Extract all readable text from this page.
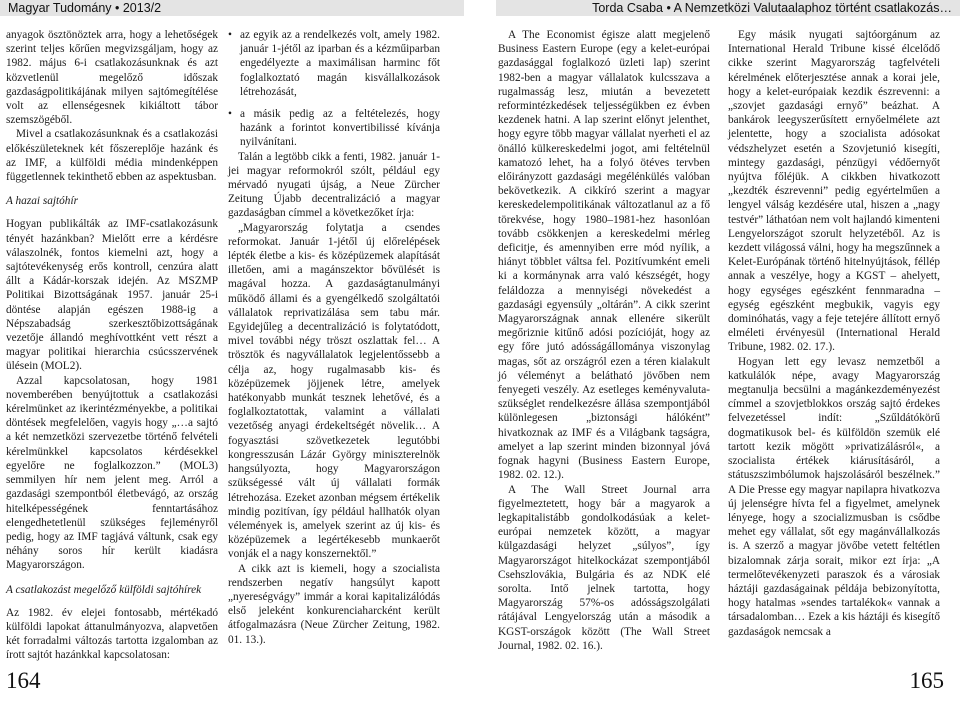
Magyar Tudomány • 2013/2

anyagok ösztönöztek arra, hogy a lehetőségek szerint teljes kőrűen megvizsgáljam, hogy az 1982. május 6-i csatlakozásunknak és azt közvetlenül megelőző időszak gazdaságpolitikájának milyen sajtómegítélése volt az ellenségesnek kikiáltott tábor szemszögéből.

Mivel a csatlakozásunknak és a csatlakozási előkészületeknek két főszereplője hazánk és az IMF, a külföldi média mindenképpen függetlennek tekinthető ebben az aspektusban.

A hazai sajtóhír

Hogyan publikálták az IMF-csatlakozásunk tényét hazánkban? Mielőtt erre a kérdésre válaszolnék, fontos kiemelni azt, hogy a sajtótevékenység erős kontroll, cenzúra alatt állt a Kádár-korszak idején. Az MSZMP Politikai Bizottságának 1957. január 25-i döntése alapján egészen 1988-ig a Népszabadság szerkesztőbizottságának vezetője állandó meghívottként vett részt a magyar politikai hierarchia csúcsszervének ülésein (MOL2).

Azzal kapcsolatosan, hogy 1981 novemberében benyújtottuk a csatlakozási kérelmünket az ikerintézményekbe, a politikai döntések megfelelően, vagyis hogy „…a sajtó a két nemzetközi szervezetbe történő felvételi kérelmünkkel kapcsolatos kérdésekkel egyelőre ne foglalkozzon.” (MOL3) semmilyen hír nem jelent meg. Arról a gazdasági szempontból életbevágó, az ország hitelképességének fenntartásához elengedhetetlenül szükséges fejleményről pedig, hogy az IMF tagjává váltunk, csak egy néhány soros hír került kiadásra Magyarországon.

A csatlakozást megelőző külföldi sajtóhírek

Az 1982. év elejei fontosabb, mértékadó külföldi lapokat áttanulmányozva, alapvetően két forradalmi változás tartotta izgalomban az írott sajtót hazánkkal kapcsolatosan:

• az egyik az a rendelkezés volt, amely 1982. január 1-jétől az iparban és a kézműiparban engedélyezte a maximálisan harminc főt foglalkoztató magán kisvállalkozások létrehozását,
• a másik pedig az a feltételezés, hogy hazánk a forintot konvertibilissé kívánja nyilvánítani.

Talán a legtöbb cikk a fenti, 1982. január 1-jei magyar reformokról szólt, például egy mérvadó nyugati újság, a Neue Zürcher Zeitung Újabb decentralizáció a magyar gazdaságban címmel a következőket írja:

„Magyarország folytatja a csendes reformokat. Január 1-jétől új előrelépések lépték életbe a kis- és középüzemek alapítását illetően, ami a magánszektor bővülését is magával hozza. A gazdaságtanulmányi működő állami és a gyengélkedő szolgáltatói vállalatok reprivatizálása sem tabu már. Egyidejűleg a decentralizáció is folytatódott, mivel további négy tröszt oszlattak fel… A trösztök és nagyvállalatok legjelentőssebb a célja az, hogy rugalmasabb kis- és középüzemek jöjjenek létre, amelyek hatékonyabb munkát tesznek lehetővé, és a foglalkoztatottak, valamint a vállalati vezetőség anyagi érdekeltségét növelik… A fogyasztási szövetkezetek legutóbbi kongresszusán Lázár György miniszterelnök hangsúlyozta, hogy Magyarországon szükségessé vált új vállalati formák létrehozása. Ezeket azonban mégsem értékelik mindig pozitívan, így például hallhatók olyan vélemények is, amelyek szerint az új kis- és középüzemek a legértékesebb munkaerőt vonják el a nagy konszernektől.”

A cikk azt is kiemeli, hogy a szocialista rendszerben negatív hangsúlyt kapott „nyereségvágy” immár a korai kapitalizálódás első jeleként konkurenciaharcként került átfogalmazásra (Neue Zürcher Zeitung, 1982. 01. 13.).

164
Torda Csaba • A Nemzetközi Valutaalaphoz történt csatlakozás…

A The Economist égisze alatt megjelenő Business Eastern Europe (egy a kelet-európai gazdasággal foglalkozó üzleti lap) szerint 1982-ben a magyar vállalatok kulcsszava a rugalmasság lesz, miután a bevezetett reformintézkedések teljességükben ez évben kezdenek hatni. A lap szerint előnyt jelenthet, hogy egyre több magyar vállalat nyerheti el az önálló külkereskedelmi jogot, ami feltételnül kamatozó lehet, ha a folyó ötéves tervben előirányzott gazdasági megélénkülés valóban bekövetkezik. A cikkíró szerint a magyar kereskedelempolitikának változatlanul az a fő törekvése, hogy 1980–1981-hez hasonlóan tovább csökkenjen a kereskedelmi mérleg deficitje, és amennyiben erre mód nyílik, a hiányt többlet váltsa fel. Pozitívumként emeli ki a kormánynak arra való készségét, hogy feláldozza a mennyiségi növekedést a gazdasági egyensúly „oltárán”. A cikk szerint Magyarországnak annak ellenére sikerült megőriznie kitűnő adósi pozícióját, hogy az egy főre jutó adósságállománya viszonylag magas, sőt az országról ezen a téren kialakult jó véleményt a belátható jövőben nem fenyegeti veszély. Az esetleges keményvaluta-szükséglet rendelkezésre állása szempontjából különlegesen „biztonsági hálóként” hivatkoznak az IMF és a Világbank tagságra, amelyet a lap szerint minden bizonnyal jóvá fognak hagyni (Business Eastern Europe, 1982. 02. 12.).

A The Wall Street Journal arra figyelmeztetett, hogy bár a magyarok a legkapitalistább gondolkodásúak a kelet-európai nemzetek között, a magyar külgazdasági helyzet „súlyos”, így Magyarországot hitelkockázat szempontjából Csehszlovákia, Bulgária és az NDK elé sorolta. Intő jelnek tartotta, hogy Magyarország 57%-os adósságszolgálati rátájával Lengyelország után a második a KGST-országok között (The Wall Street Journal, 1982. 02. 16.).

Egy másik nyugati sajtóorgánum az International Herald Tribune kissé élcelődő cikke szerint Magyarország tagfelvételi kérelmének előterjesztése annak a korai jele, hogy a kelet-európaiak kezdik észrevenni: a „szovjet gazdasági ernyő” beázhat. A bankárok leegyszerűsített ernyőelmélete azt jelentette, hogy a szocialista adósokat védszhelyzet esetén a Szovjetunió kisegíti, mintegy gazdasági, pénzügyi védőernyőt nyújtva főléjük. A cikkben hivatkozott „kezdték észrevenni” pedig egyértelműen a lengyel válság kezdésére utal, hiszen a „nagy testvér” láthatóan nem volt hajlandó kimenteni Lengyelországot szorult helyzetéből. Az is kezdett világossá válni, hogy ha megszűnnek a Kelet-Európának történő hitelnyújtások, féllép annak a veszélye, hogy a KGST – ahelyett, hogy egységes egészként fennmaradna – egység egészként megbukik, vagyis egy dominóhatás, vagy a feje tetejére állított ernyő elméleti érvényesül (International Herald Tribune, 1982. 02. 17.).

Hogyan lett egy levasz nemzetből a katkulálók népe, avagy Magyarország megtanulja becsülni a magánkezdeményezést címmel a szovjetblokkos ország sajtó érdekes felvezetéssel indít: „Szűldátókörű dogmatikusok bel- és külföldön szemük elé tartott kezik mögött »privatizálásról«, a szocialista értékek kiárusításáról, a státuszszimbólumok hajszolásáról beszélnek.” A Die Presse egy magyar napilapra hivatkozva új jelenségre hívta fel a figyelmet, amelynek lényege, hogy a szocializmusban is csődbe mehet egy vállalat, sőt egy magánvállalkozás is. A szerző a magyar jövőbe vetett feltétlen bizalomnak zárja sorait, mikor ezt írja: „A termelőtevékenyzeti paraszok és a városiak háztáji gazdaságainak példája bebizonyította, hogy hatalmas »sendes tartalékok« vannak a társadalomban… Ezek a kis háztáji és kisegítő gazdaságok nemcsak a

165
